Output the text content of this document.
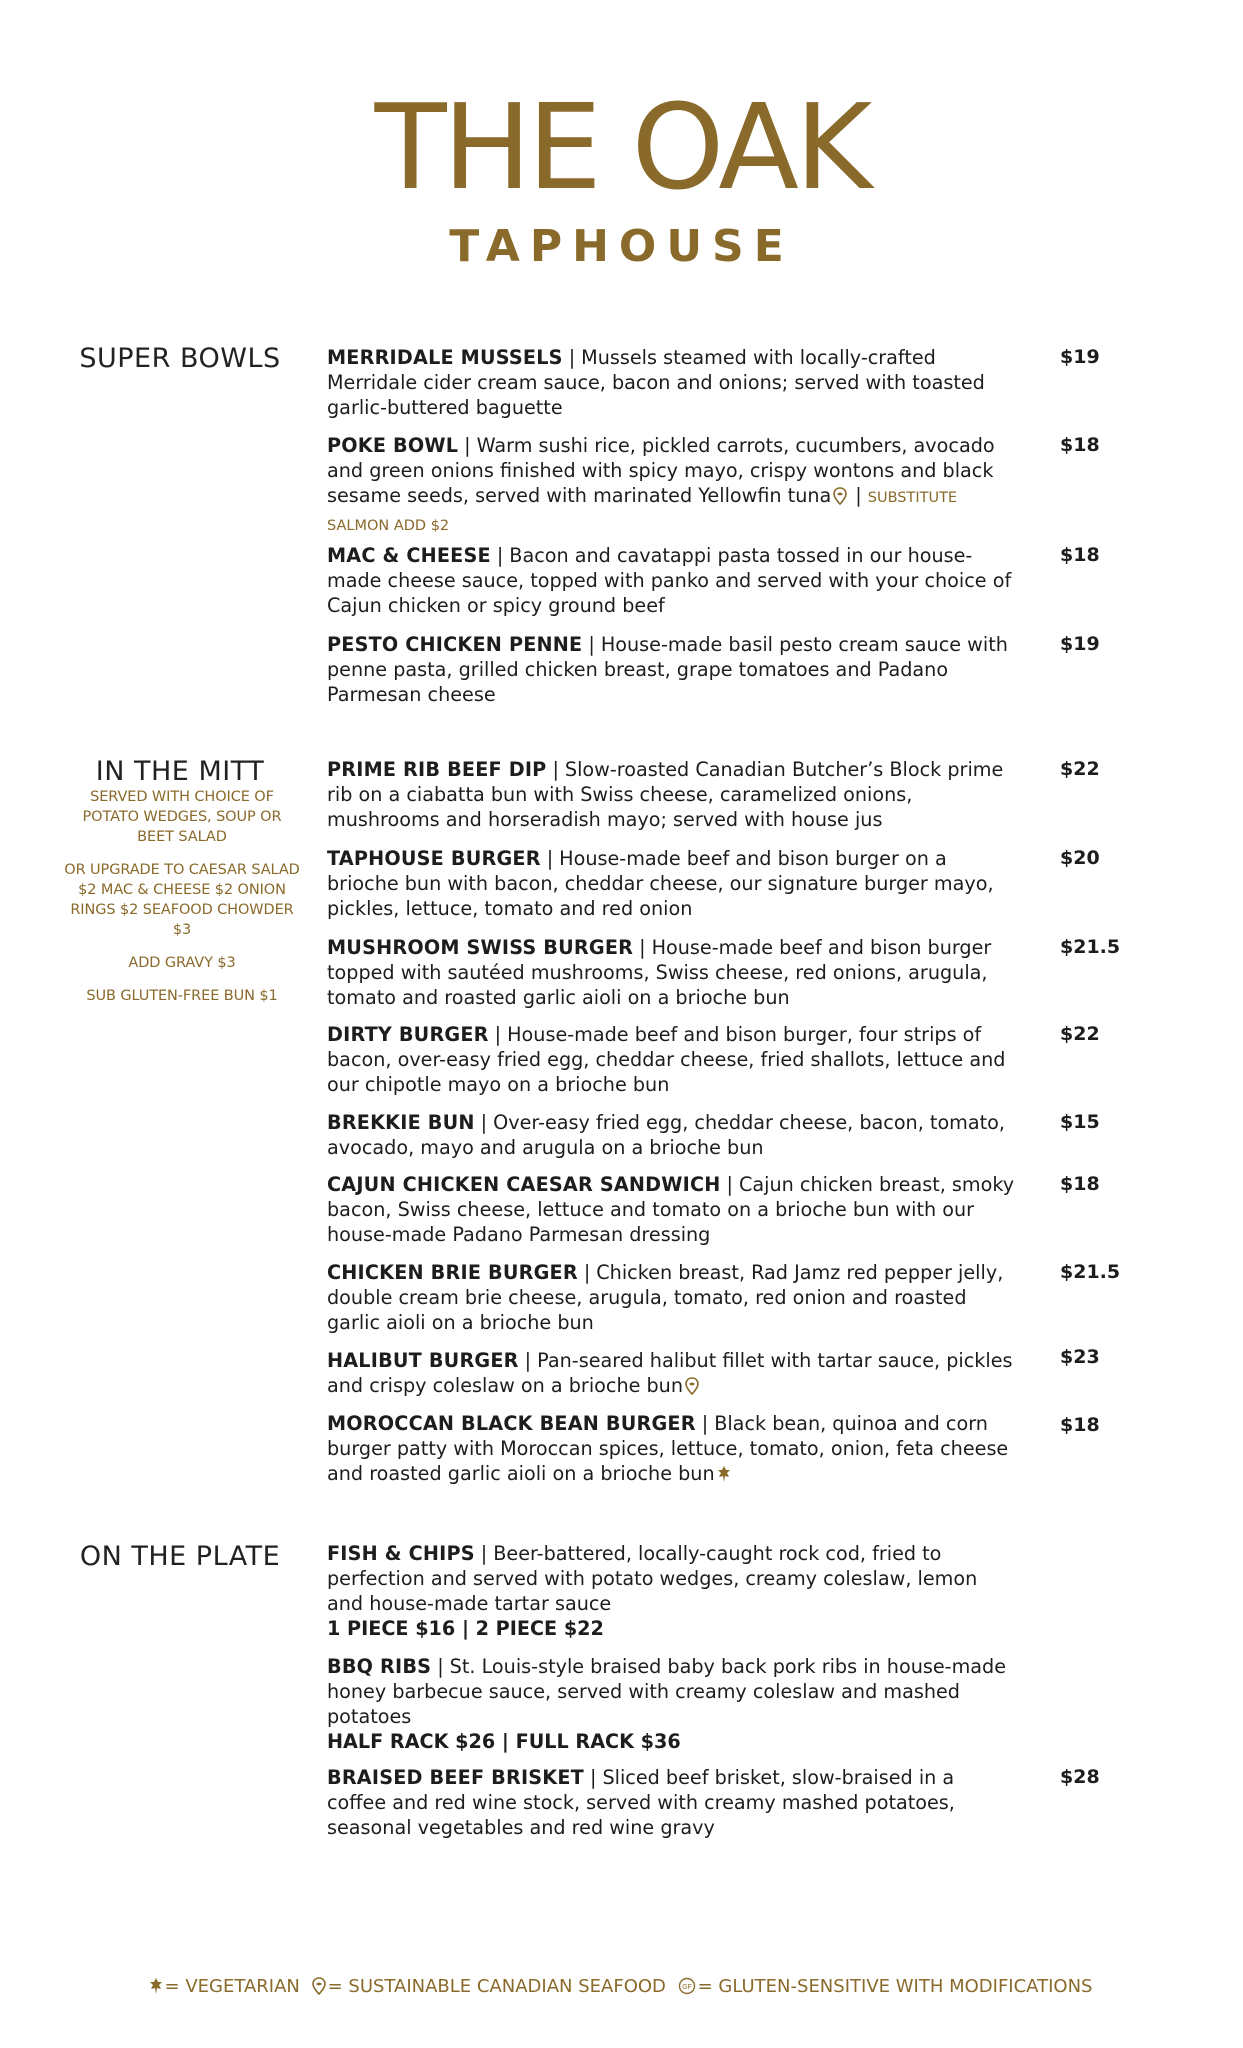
THE OAK
TAPHOUSE
SUPER BOWLS	MERRIDALE MUSSELS | Mussels steamed with locally-crafted Merridale cider cream sauce, bacon and onions; served with toasted garlic-buttered baguette
$19
POKE BOWL | Warm sushi rice, pickled carrots, cucumbers, avocado and green onions finished with spicy mayo, crispy wontons and black sesame seeds, served with marinated Yellowfin tuna | SUBSTITUTE SALMON ADD $2
$18
MAC & CHEESE | Bacon and cavatappi pasta tossed in our house-made cheese sauce, topped with panko and served with your choice of Cajun chicken or spicy ground beef
$18
PESTO CHICKEN PENNE | House-made basil pesto cream sauce with penne pasta, grilled chicken breast, grape tomatoes and Padano Parmesan cheese
$19
IN THE MITT
SERVED WITH CHOICE OF POTATO WEDGES, SOUP OR BEET SALAD
OR UPGRADE TO CAESAR SALAD $2 MAC & CHEESE $2 ONION RINGS $2 SEAFOOD CHOWDER $3
ADD GRAVY $3
SUB GLUTEN-FREE BUN $1
PRIME RIB BEEF DIP | Slow-roasted Canadian Butcher’s Block prime rib on a ciabatta bun with Swiss cheese, caramelized onions, mushrooms and horseradish mayo; served with house jus
$22
TAPHOUSE BURGER | House-made beef and bison burger on a brioche bun with bacon, cheddar cheese, our signature burger mayo, pickles, lettuce, tomato and red onion
$20
MUSHROOM SWISS BURGER | House-made beef and bison burger topped with sautéed mushrooms, Swiss cheese, red onions, arugula, tomato and roasted garlic aioli on a brioche bun
$21.5
DIRTY BURGER | House-made beef and bison burger, four strips of bacon, over-easy fried egg, cheddar cheese, fried shallots, lettuce and our chipotle mayo on a brioche bun
$22
BREKKIE BUN | Over-easy fried egg, cheddar cheese, bacon, tomato, avocado, mayo and arugula on a brioche bun
$15
CAJUN CHICKEN CAESAR SANDWICH | Cajun chicken breast, smoky bacon, Swiss cheese, lettuce and tomato on a brioche bun with our house-made Padano Parmesan dressing
$18
CHICKEN BRIE BURGER | Chicken breast, Rad Jamz red pepper jelly, double cream brie cheese, arugula, tomato, red onion and roasted garlic aioli on a brioche bun
$21.5
HALIBUT BURGER | Pan-seared halibut fillet with tartar sauce, pickles and crispy coleslaw on a brioche bun
$23
MOROCCAN BLACK BEAN BURGER | Black bean, quinoa and corn burger patty with Moroccan spices, lettuce, tomato, onion, feta cheese and roasted garlic aioli on a brioche bun
$18
ON THE PLATE	FISH & CHIPS | Beer-battered, locally-caught rock cod, fried to perfection and served with potato wedges, creamy coleslaw, lemon and house-made tartar sauce
1 PIECE $16 | 2 PIECE $22
BBQ RIBS | St. Louis-style braised baby back pork ribs in house-made honey barbecue sauce, served with creamy coleslaw and mashed potatoes
HALF RACK $26 | FULL RACK $36
BRAISED BEEF BRISKET | Sliced beef brisket, slow-braised in a coffee and red wine stock, served with creamy mashed potatoes, seasonal vegetables and red wine gravy
$28
= VEGETARIAN = SUSTAINABLE CANADIAN SEAFOOD GF = GLUTEN-SENSITIVE WITH MODIFICATIONS
